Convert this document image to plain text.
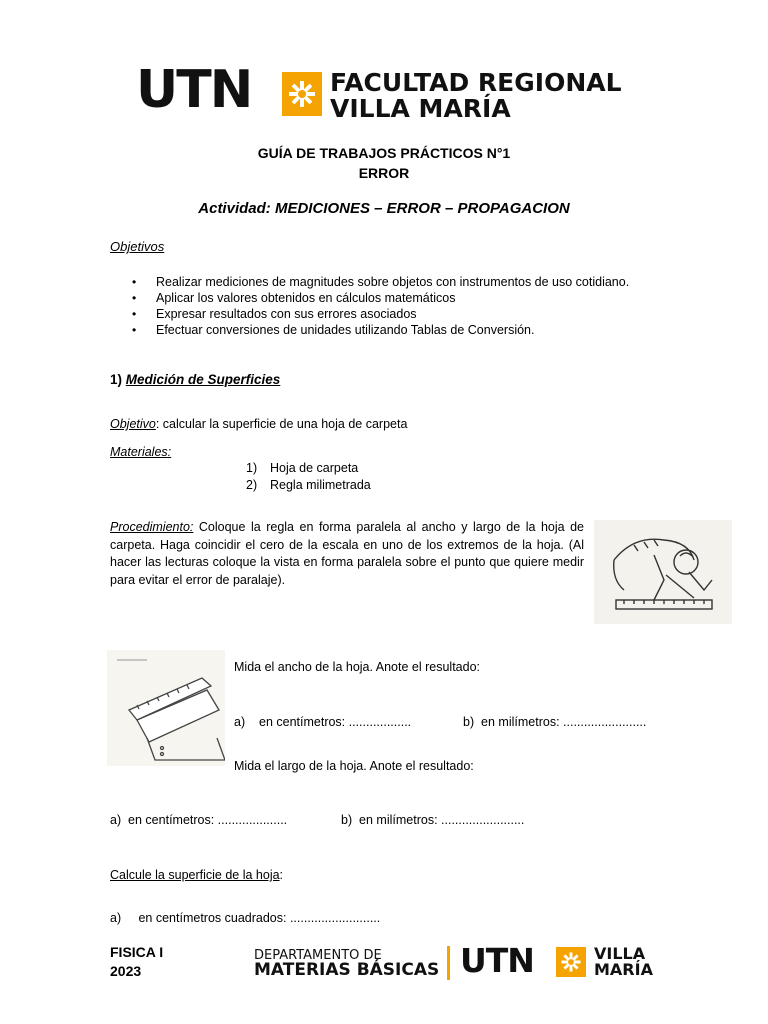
UTN	FACULTAD REGIONAL
VILLA MARÍA
GUÍA DE TRABAJOS PRÁCTICOS N°1
ERROR
Actividad: MEDICIONES – ERROR – PROPAGACION
Objetivos
• Realizar mediciones de magnitudes sobre objetos con instrumentos de uso cotidiano.
• Aplicar los valores obtenidos en cálculos matemáticos
• Expresar resultados con sus errores asociados
• Efectuar conversiones de unidades utilizando Tablas de Conversión.
1) Medición de Superficies
Objetivo: calcular la superficie de una hoja de carpeta
Materiales:
1) Hoja de carpeta
2) Regla milimetrada
Procedimiento: Coloque la regla en forma paralela al ancho y largo de la hoja de carpeta. Haga coincidir el cero de la escala en uno de los extremos de la hoja. (Al hacer las lecturas coloque la vista en forma paralela sobre el punto que quiere medir para evitar el error de paralaje).
Mida el ancho de la hoja. Anote el resultado:
a)    en centímetros: ..................	b)  en milímetros: ........................
Mida el largo de la hoja. Anote el resultado:
a)  en centímetros: ....................	b)  en milímetros: ........................
Calcule la superficie de la hoja:
a)     en centímetros cuadrados: ..........................
FISICA I
2023
DEPARTAMENTO DE
MATERIAS BÁSICAS UTN	VILLA
MARÍA
